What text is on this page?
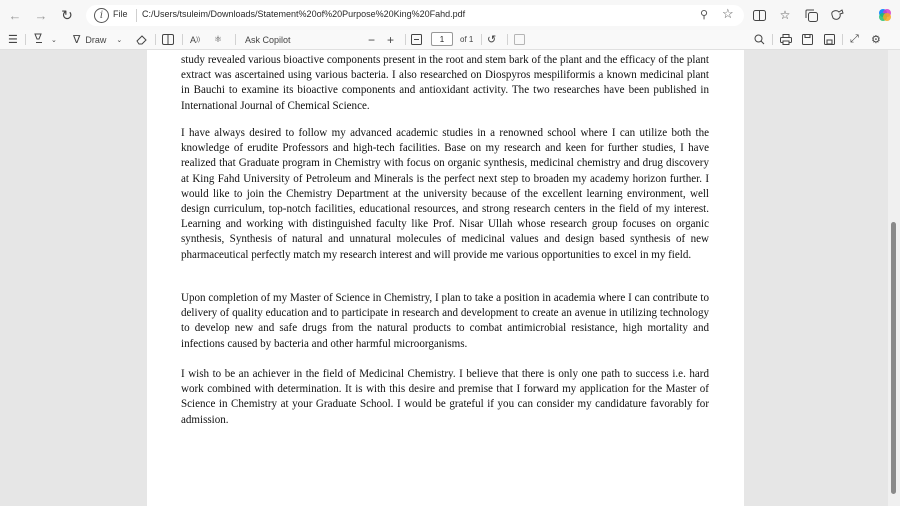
← → ↻	i	File C:/Users/tsuleim/Downloads/Statement%20of%20Purpose%20King%20Fahd.pdf	⚲ ☆	☆
☰	⌄ ∇ Draw ⌄	A )) ⚛	Ask Copilot	− +	1	of 1 ↺	⤢ ⚙

study revealed various bioactive components present in the root and stem bark of the plant and the efficacy of the plant extract was ascertained using various bacteria. I also researched on Diospyros mespiliformis a known medicinal plant in Bauchi to examine its bioactive components and antioxidant activity. The two researches have been published in International Journal of Chemical Science.

I have always desired to follow my advanced academic studies in a renowned school where I can utilize both the knowledge of erudite Professors and high-tech facilities. Base on my research and keen for further studies, I have realized that Graduate program in Chemistry with focus on organic synthesis, medicinal chemistry and drug discovery at King Fahd University of Petroleum and Minerals is the perfect next step to broaden my academy horizon further. I would like to join the Chemistry Department at the university because of the excellent learning environment, well design curriculum, top-notch facilities, educational resources, and strong research centers in the field of my interest. Learning and working with distinguished faculty like Prof. Nisar Ullah whose research group focuses on organic synthesis, Synthesis of natural and unnatural molecules of medicinal values and design based synthesis of new pharmaceutical perfectly match my research interest and will provide me various opportunities to excel in my field.

Upon completion of my Master of Science in Chemistry, I plan to take a position in academia where I can contribute to delivery of quality education and to participate in research and development to create an avenue in utilizing technology to develop new and safe drugs from the natural products to combat antimicrobial resistance, high mortality and infections caused by bacteria and other harmful microorganisms.

I wish to be an achiever in the field of Medicinal Chemistry. I believe that there is only one path to success i.e. hard work combined with determination. It is with this desire and premise that I forward my application for the Master of Science in Chemistry at your Graduate School. I would be grateful if you can consider my candidature favorably for admission.
